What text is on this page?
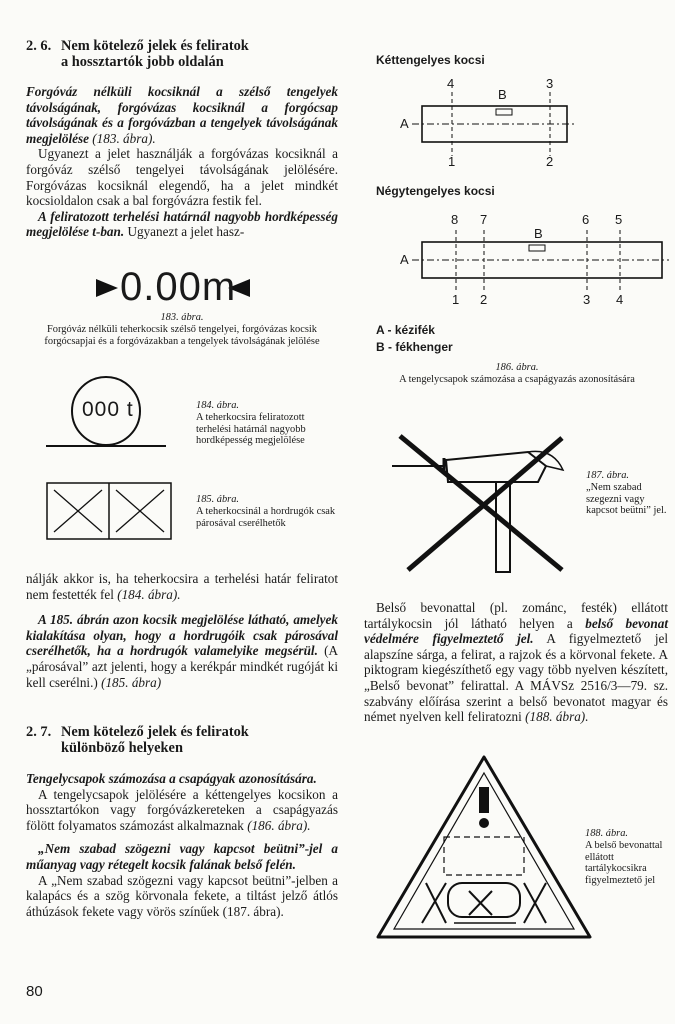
2. 6. Nem kötelező jelek és feliratok
a hossztartók jobb oldalán

Forgóváz nélküli kocsiknál a szélső tengelyek távolságának, forgóvázas kocsiknál a forgócsap távolságának és a forgóvázban a tengelyek távolságának megjelölése (183. ábra).

Ugyanezt a jelet használják a forgóvázas kocsiknál a forgóváz szélső tengelyei távolságának jelölésére. Forgóvázas kocsiknál elegendő, ha a jelet mindkét kocsioldalon csak a bal forgóvázra festik fel.

A feliratozott terhelési határnál nagyobb hordképesség megjelölése t-ban. Ugyanezt a jelet hasz-

0.00m
183. ábra.
Forgóváz nélküli teherkocsik szélső tengelyei, forgóvázas kocsik forgócsapjai és a forgóvázakban a tengelyek távolságának jelölése
000 t	184. ábra.
A teherkocsira feliratozott terhelési határnál nagyobb hordképesség megjelölése
185. ábra.
A teherkocsinál a hordrugók csak párosával cserélhetők

nálják akkor is, ha teherkocsira a terhelési határ feliratot nem festették fel (184. ábra).

A 185. ábrán azon kocsik megjelölése látható, amelyek kialakítása olyan, hogy a hordrugóik csak párosával cserélhetők, ha a hordrugók valamelyike megsérül. (A „párosával” azt jelenti, hogy a kerékpár mindkét rugóját ki kell cserélni.) (185. ábra)

2. 7. Nem kötelező jelek és feliratok
különböző helyeken

Tengelycsapok számozása a csapágyak azonosítására.

A tengelycsapok jelölésére a kéttengelyes kocsikon a hossztartókon vagy forgóvázkereteken a csapágyazás fölött folyamatos számozást alkalmaznak (186. ábra).

„Nem szabad szögezni vagy kapcsot beütni”-jel a műanyag vagy rétegelt kocsik falának belső felén.

A „Nem szabad szögezni vagy kapcsot beütni”-jelben a kalapács és a szög körvonala fekete, a tiltást jelző átlós áthúzások fekete vagy vörös színűek (187. ábra).

80
Kéttengelyes kocsi
A
B
4	3
1	2
Négytengelyes kocsi
A
B
8 7	6 5
1 2	3 4
A - kézifék
B - fékhenger
186. ábra.
A tengelycsapok számozása a csapágyazás azonosítására
187. ábra.
„Nem szabad szegezni vagy kapcsot beütni” jel.

Belső bevonattal (pl. zománc, festék) ellátott tartálykocsin jól látható helyen a belső bevonat védelmére figyelmeztető jel. A figyelmeztető jel alapszíne sárga, a felirat, a rajzok és a körvonal fekete. A piktogram kiegészíthető egy vagy több nyelven készített, „Belső bevonat” felirattal. A MÁVSz 2516/3—79. sz. szabvány előírása szerint a belső bevonatot magyar és német nyelven kell feliratozni (188. ábra).

188. ábra.
A belső bevonattal ellátott tartálykocsikra figyelmeztető jel
